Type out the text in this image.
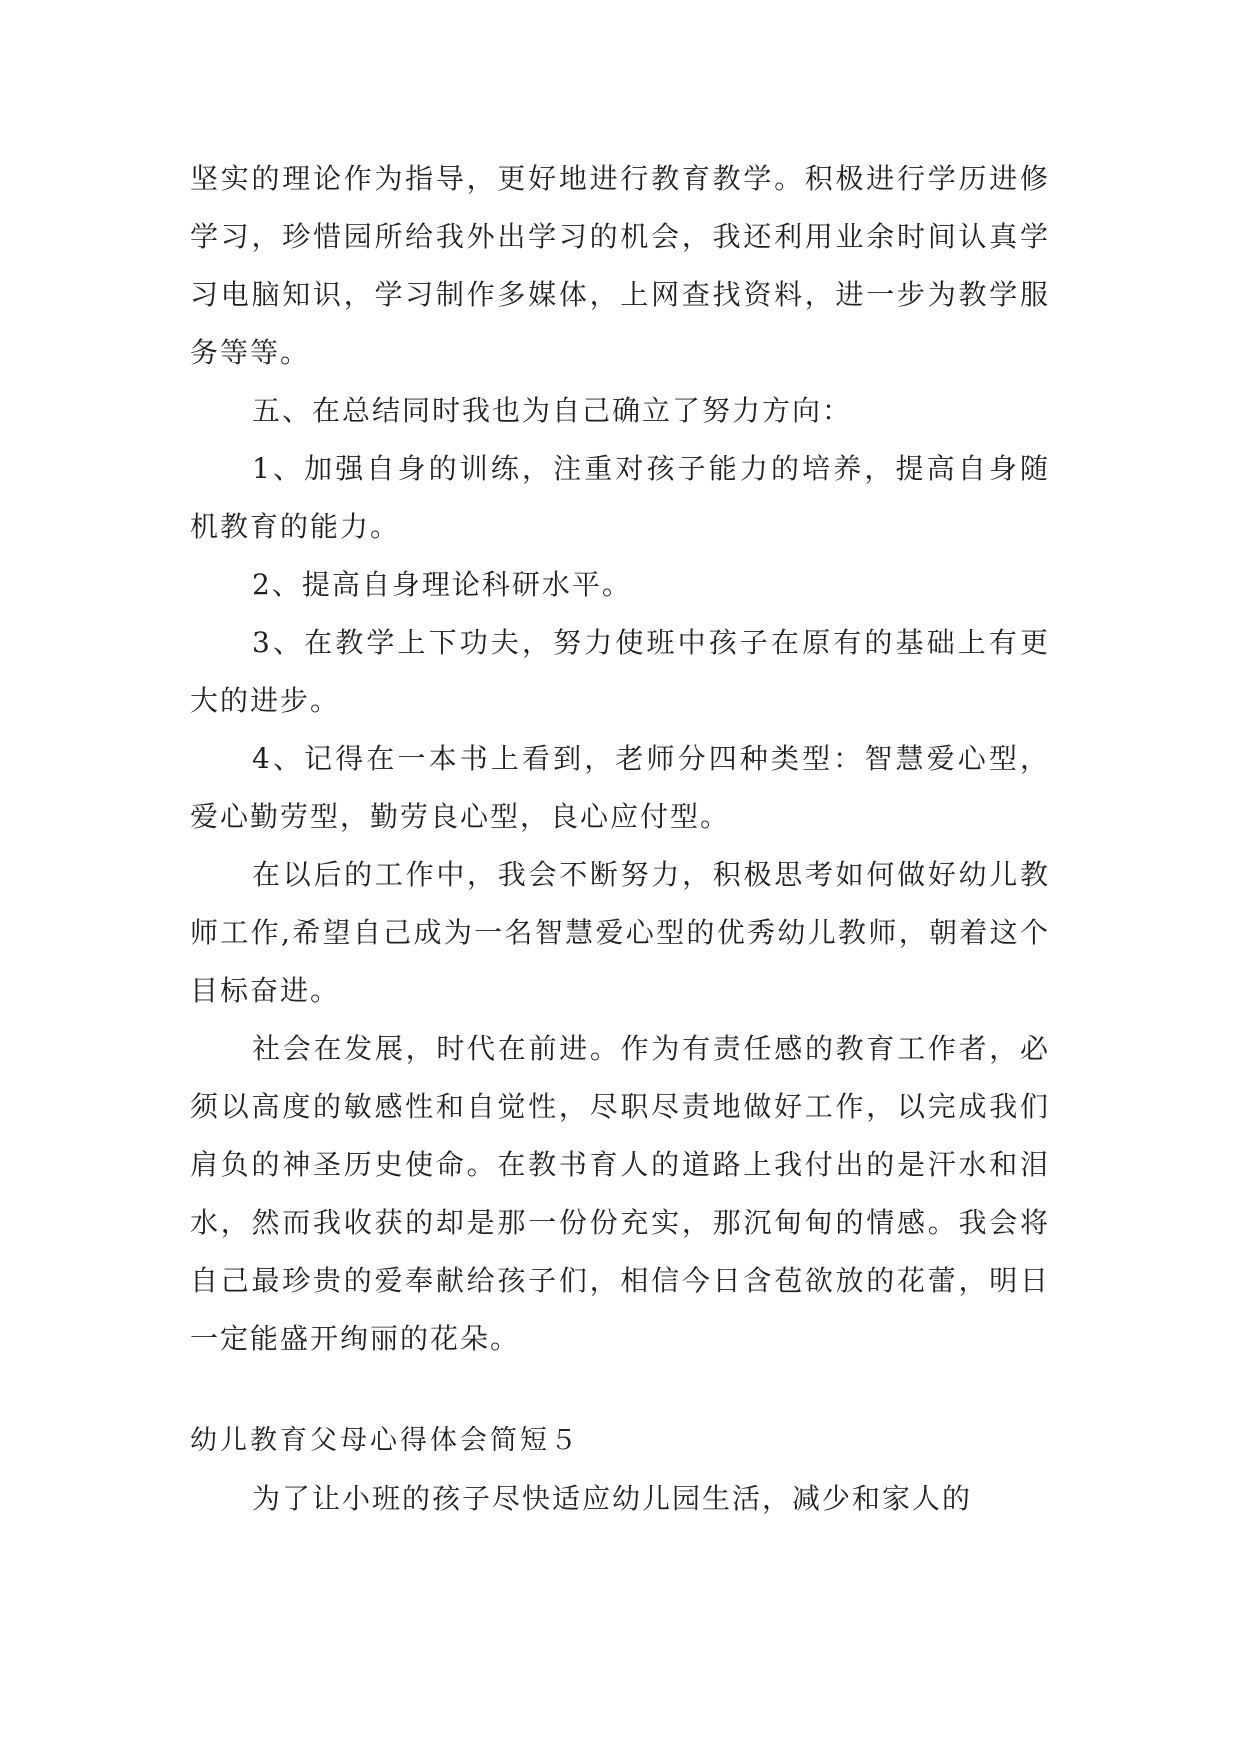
坚实的理论作为指导，更好地进行教育教学。积极进行学历进修学习，珍惜园所给我外出学习的机会，我还利用业余时间认真学习电脑知识，学习制作多媒体，上网查找资料，进一步为教学服务等等。

五、在总结同时我也为自己确立了努力方向：

1、加强自身的训练，注重对孩子能力的培养，提高自身随机教育的能力。

2、提高自身理论科研水平。

3、在教学上下功夫，努力使班中孩子在原有的基础上有更大的进步。

4、记得在一本书上看到，老师分四种类型：智慧爱心型，爱心勤劳型，勤劳良心型，良心应付型。

在以后的工作中，我会不断努力，积极思考如何做好幼儿教师工作,希望自己成为一名智慧爱心型的优秀幼儿教师，朝着这个目标奋进。

社会在发展，时代在前进。作为有责任感的教育工作者，必须以高度的敏感性和自觉性，尽职尽责地做好工作，以完成我们肩负的神圣历史使命。在教书育人的道路上我付出的是汗水和泪水，然而我收获的却是那一份份充实，那沉甸甸的情感。我会将自己最珍贵的爱奉献给孩子们，相信今日含苞欲放的花蕾，明日一定能盛开绚丽的花朵。

幼儿教育父母心得体会简短５

为了让小班的孩子尽快适应幼儿园生活，减少和家人的
